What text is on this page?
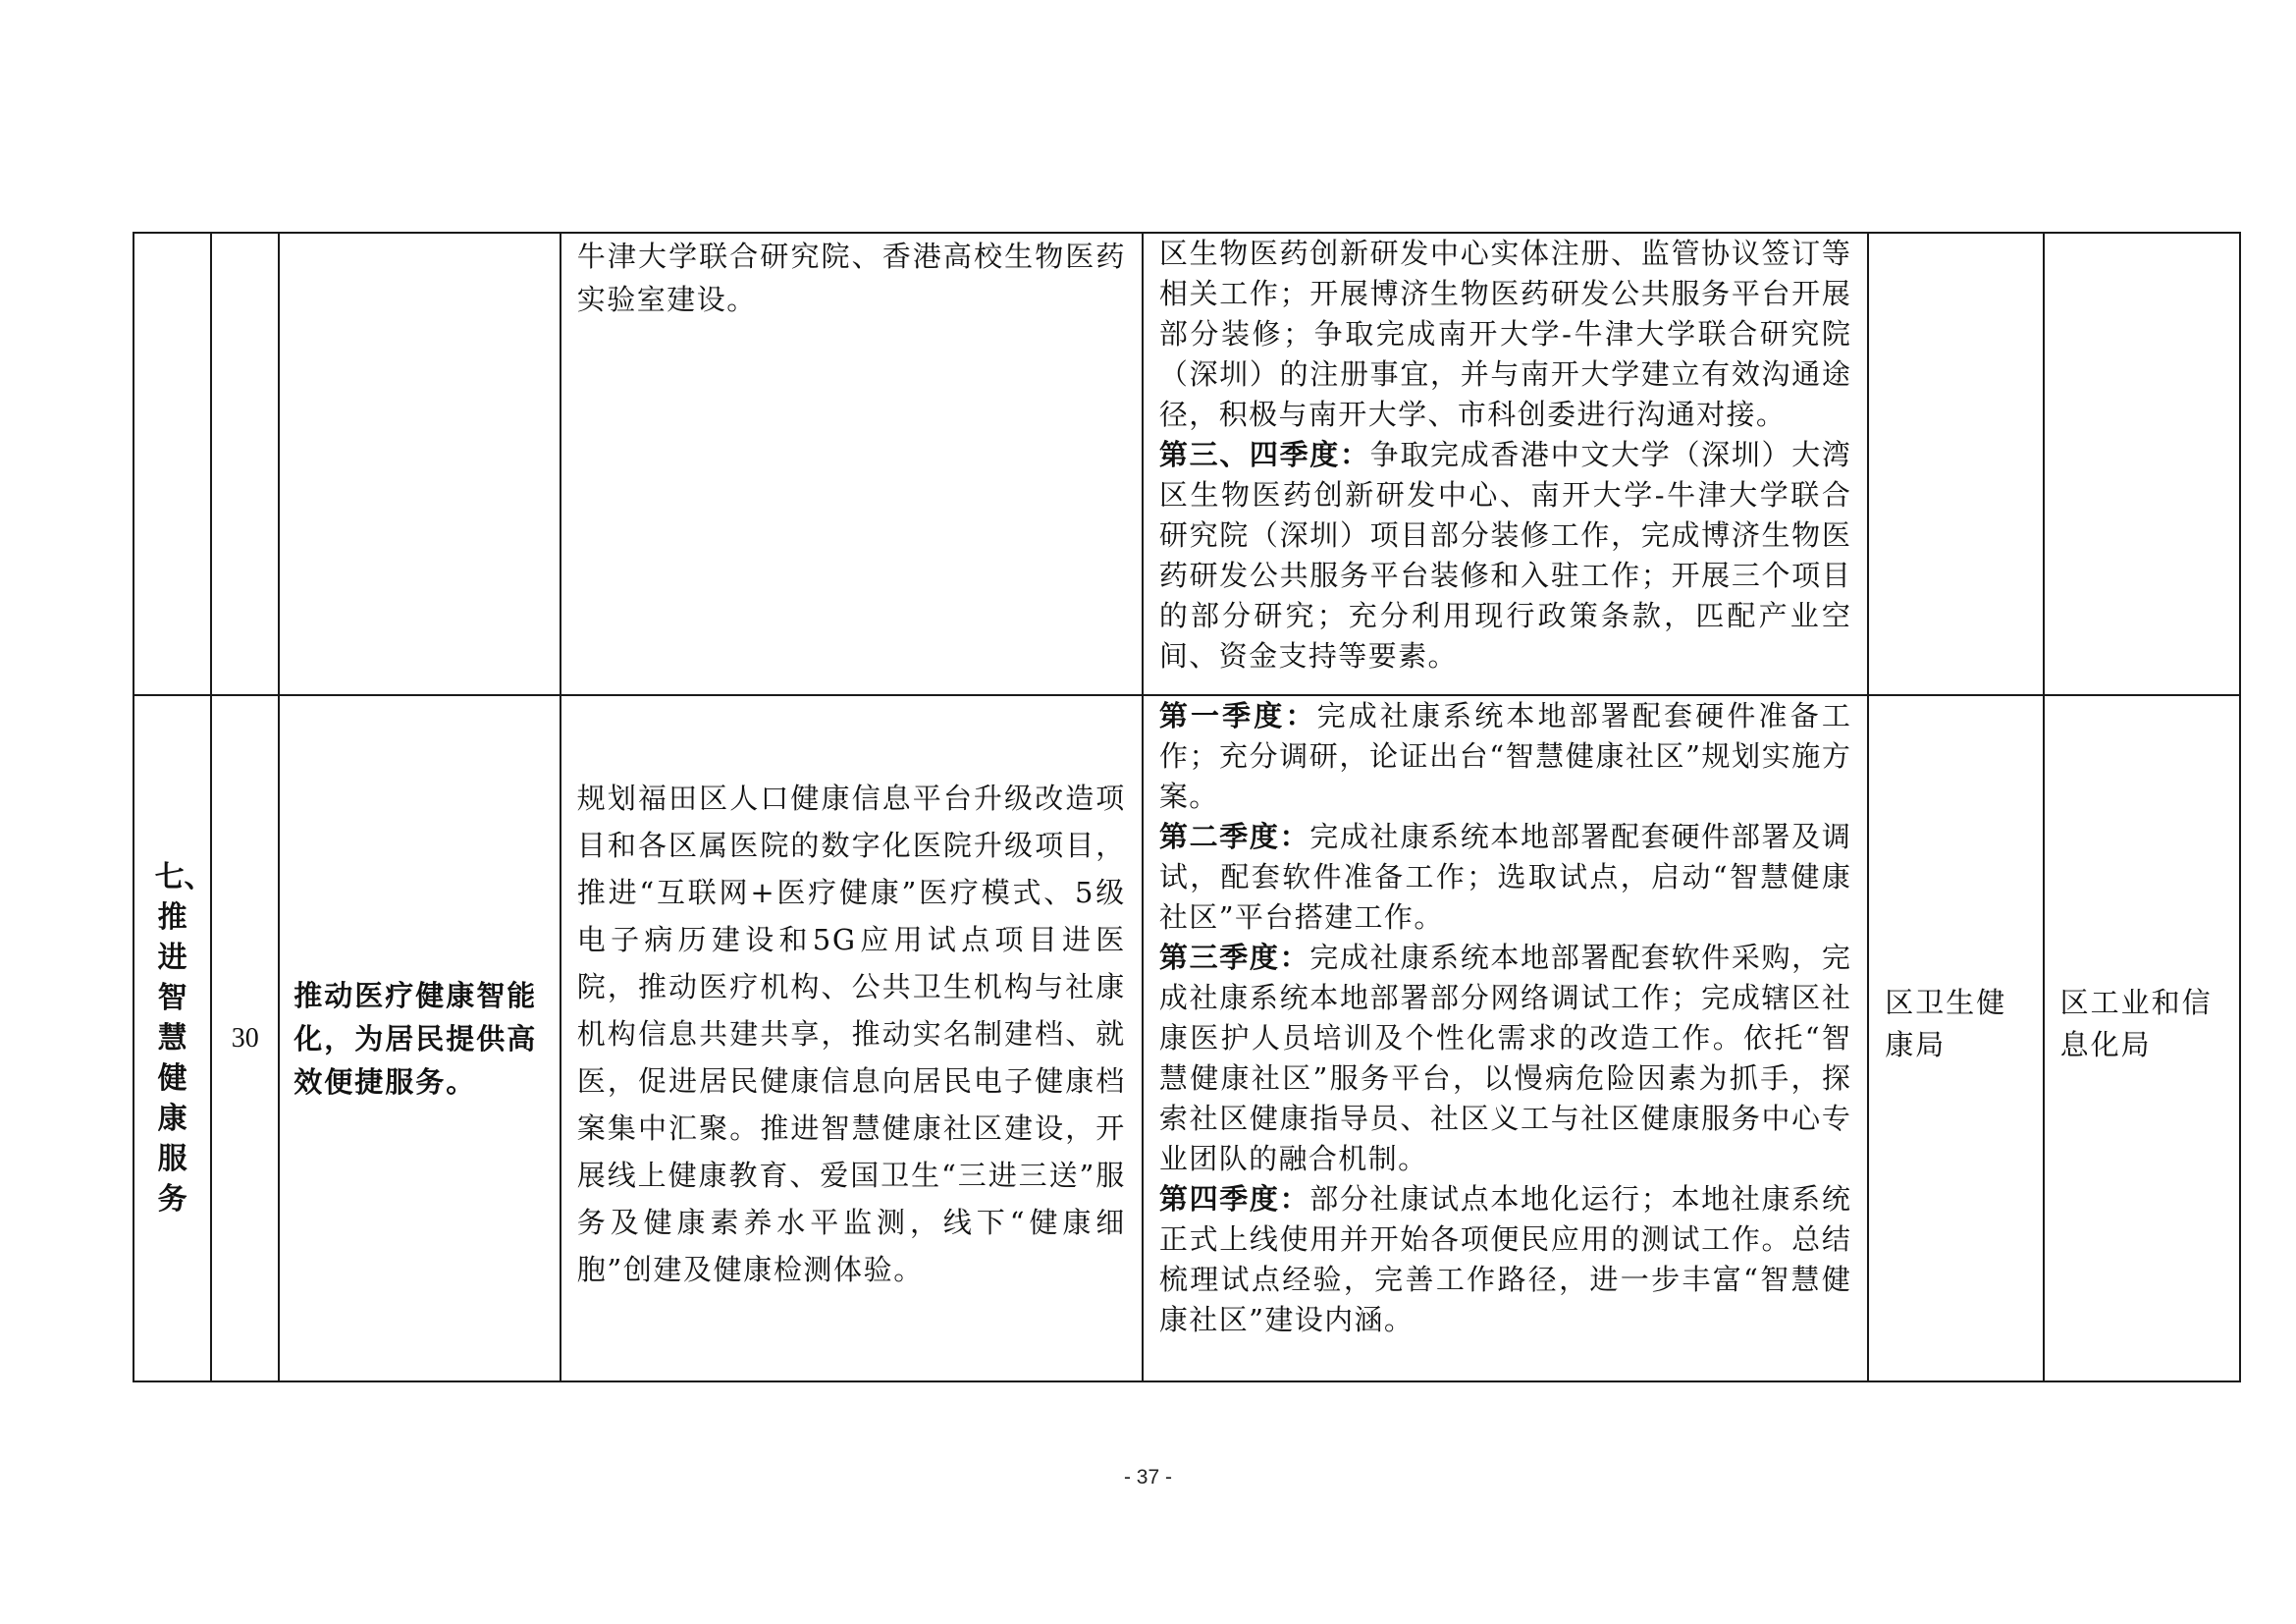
			牛津大学联合研究院、香港高校生物医药实验室建设。	区生物医药创新研发中心实体注册、监管协议签订等相关工作；开展博济生物医药研发公共服务平台开展部分装修；争取完成南开大学-牛津大学联合研究院（深圳）的注册事宜，并与南开大学建立有效沟通途径，积极与南开大学、市科创委进行沟通对接。
第三、四季度：争取完成香港中文大学（深圳）大湾区生物医药创新研发中心、南开大学-牛津大学联合研究院（深圳）项目部分装修工作，完成博济生物医药研发公共服务平台装修和入驻工作；开展三个项目的部分研究；充分利用现行政策条款，匹配产业空间、资金支持等要素。		

七、推进智慧健康服务	30	推动医疗健康智能化，为居民提供高效便捷服务。	规划福田区人口健康信息平台升级改造项目和各区属医院的数字化医院升级项目，推进“互联网+医疗健康”医疗模式、5级电子病历建设和5G应用试点项目进医院，推动医疗机构、公共卫生机构与社康机构信息共建共享，推动实名制建档、就医，促进居民健康信息向居民电子健康档案集中汇聚。推进智慧健康社区建设，开展线上健康教育、爱国卫生“三进三送”服务及健康素养水平监测，线下“健康细胞”创建及健康检测体验。	第一季度：完成社康系统本地部署配套硬件准备工作；充分调研，论证出台“智慧健康社区”规划实施方案。
第二季度：完成社康系统本地部署配套硬件部署及调试，配套软件准备工作；选取试点，启动“智慧健康社区”平台搭建工作。
第三季度：完成社康系统本地部署配套软件采购，完成社康系统本地部署部分网络调试工作；完成辖区社康医护人员培训及个性化需求的改造工作。依托“智慧健康社区”服务平台，以慢病危险因素为抓手，探索社区健康指导员、社区义工与社区健康服务中心专业团队的融合机制。
第四季度：部分社康试点本地化运行；本地社康系统正式上线使用并开始各项便民应用的测试工作。总结梳理试点经验，完善工作路径，进一步丰富“智慧健康社区”建设内涵。	区卫生健康局	区工业和信息化局
- 37 -
